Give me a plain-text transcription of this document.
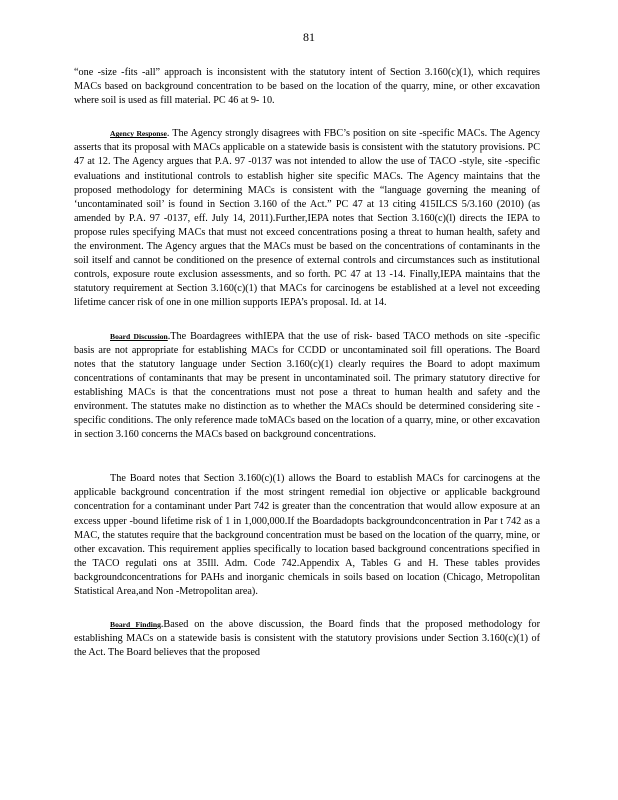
81

“one -size -fits -all” approach is inconsistent with the statutory intent of Section 3.160(c)(1), which requires MACs based on background concentration to be based on the location of the quarry, mine, or other excavation where soil is used as fill material. PC 46 at 9- 10.

Agency Response. The Agency strongly disagrees with FBC’s position on site -specific MACs. The Agency asserts that its proposal with MACs applicable on a statewide basis is consistent with the statutory provisions. PC 47 at 12. The Agency argues that P.A. 97 -0137 was not intended to allow the use of TACO -style, site -specific evaluations and institutional controls to establish higher site specific MACs. The Agency maintains that the proposed methodology for determining MACs is consistent with the “language governing the meaning of ‘uncontaminated soil’ is found in Section 3.160 of the Act.” PC 47 at 13 citing 415ILCS 5/3.160 (2010) (as amended by P.A. 97 -0137, eff. July 14, 2011).Further,IEPA notes that Section 3.160(c)(l) directs the IEPA to propose rules specifying MACs that must not exceed concentrations posing a threat to human health, safety and the environment. The Agency argues that the MACs must be based on the concentrations of contaminants in the soil itself and cannot be conditioned on the presence of external controls and circumstances such as institutional controls, exposure route exclusion assessments, and so forth. PC 47 at 13 -14. Finally,IEPA maintains that the statutory requirement at Section 3.160(c)(1) that MACs for carcinogens be established at a level not exceeding lifetime cancer risk of one in one million supports IEPA’s proposal. Id. at 14.

Board Discussion.The Boardagrees withIEPA that the use of risk- based TACO methods on site -specific basis are not appropriate for establishing MACs for CCDD or uncontaminated soil fill operations. The Board notes that the statutory language under Section 3.160(c)(1) clearly requires the Board to adopt maximum concentrations of contaminants that may be present in uncontaminated soil. The primary statutory directive for establishing MACs is that the concentrations must not pose a threat to human health and safety and the environment. The statutes make no distinction as to whether the MACs should be determined considering site - specific conditions. The only reference made toMACs based on the location of a quarry, mine, or other excavation in section 3.160 concerns the MACs based on background concentrations.

The Board notes that Section 3.160(c)(1) allows the Board to establish MACs for carcinogens at the applicable background concentration if the most stringent remedial ion objective or applicable background concentration for a contaminant under Part 742 is greater than the concentration that would allow exposure at an excess upper -bound lifetime risk of 1 in 1,000,000.If the Boardadopts backgroundconcentration in Par t 742 as a MAC, the statutes require that the background concentration must be based on the location of the quarry, mine, or other excavation. This requirement applies specifically to location based background concentrations specified in the TACO regulati ons at 35Ill. Adm. Code 742.Appendix A, Tables G and H. These tables provides backgroundconcentrations for PAHs and inorganic chemicals in soils based on location (Chicago, Metropolitan Statistical Area,and Non -Metropolitan area).

Board Finding.Based on the above discussion, the Board finds that the proposed methodology for establishing MACs on a statewide basis is consistent with the statutory provisions under Section 3.160(c)(1) of the Act. The Board believes that the proposed
